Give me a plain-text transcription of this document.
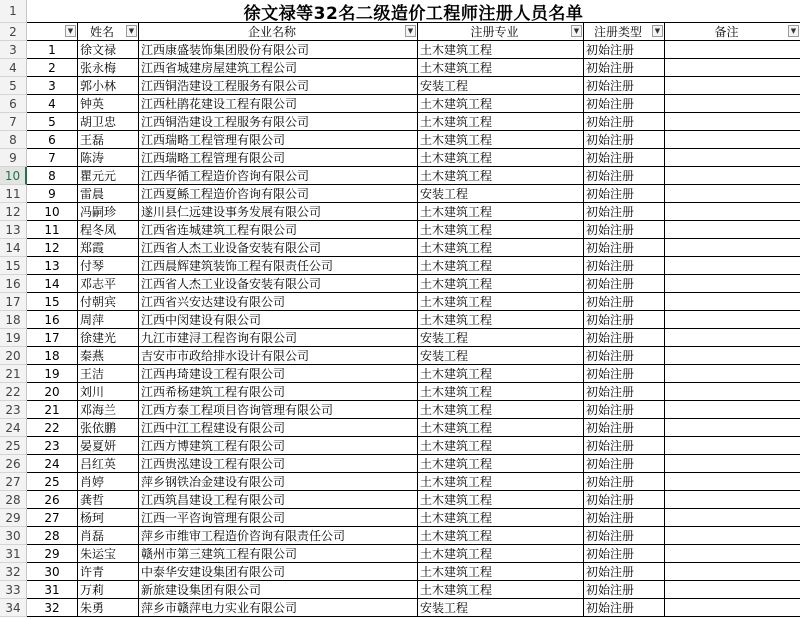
1	徐文禄等32名二级造价工程师注册人员名单
2	▼ 姓名	▼	企业名称	▼	注册专业	▼ 注册类型	▼	备注	▼
3	1	徐文禄	江西康盛装饰集团股份有限公司	土木建筑工程	初始注册
4	2	张永梅	江西省城建房屋建筑工程公司	土木建筑工程	初始注册
5	3	郭小林	江西铜浩建设工程服务有限公司	安装工程	初始注册
6	4	钟英	江西杜鹃花建设工程有限公司	土木建筑工程	初始注册
7	5	胡卫忠	江西铜浩建设工程服务有限公司	土木建筑工程	初始注册
8	6	王磊	江西瑞略工程管理有限公司	土木建筑工程	初始注册
9	7	陈涛	江西瑞略工程管理有限公司	土木建筑工程	初始注册
10	8	瞿元元	江西华循工程造价咨询有限公司	土木建筑工程	初始注册
11	9	雷晨	江西夏鲧工程造价咨询有限公司	安装工程	初始注册
12	10	冯嗣珍	遂川县仁远建设事务发展有限公司	土木建筑工程	初始注册
13	11	程冬凤	江西省连城建筑工程有限公司	土木建筑工程	初始注册
14	12	郑霞	江西省人杰工业设备安装有限公司	土木建筑工程	初始注册
15	13	付琴	江西晨辉建筑装饰工程有限责任公司	土木建筑工程	初始注册
16	14	邓志平	江西省人杰工业设备安装有限公司	土木建筑工程	初始注册
17	15	付朝宾	江西省兴安达建设有限公司	土木建筑工程	初始注册
18	16	周萍	江西中闵建设有限公司	土木建筑工程	初始注册
19	17	徐建光	九江市建浔工程咨询有限公司	安装工程	初始注册
20	18	秦燕	吉安市市政给排水设计有限公司	安装工程	初始注册
21	19	王洁	江西冉琦建设工程有限公司	土木建筑工程	初始注册
22	20	刘川	江西希杨建筑工程有限公司	土木建筑工程	初始注册
23	21	邓海兰	江西方泰工程项目咨询管理有限公司	土木建筑工程	初始注册
24	22	张依鹏	江西中江工程建设有限公司	土木建筑工程	初始注册
25	23	晏夏妍	江西方博建筑工程有限公司	土木建筑工程	初始注册
26	24	吕红英	江西贵泓建设工程有限公司	土木建筑工程	初始注册
27	25	肖婷	萍乡钢铁冶金建设有限公司	土木建筑工程	初始注册
28	26	龚哲	江西筑昌建设工程有限公司	土木建筑工程	初始注册
29	27	杨珂	江西一平咨询管理有限公司	土木建筑工程	初始注册
30	28	肖磊	萍乡市维审工程造价咨询有限责任公司	土木建筑工程	初始注册
31	29	朱运宝	赣州市第三建筑工程有限公司	土木建筑工程	初始注册
32	30	许青	中泰华安建设集团有限公司	土木建筑工程	初始注册
33	31	万莉	新旅建设集团有限公司	土木建筑工程	初始注册
34	32	朱勇	萍乡市赣萍电力实业有限公司	安装工程	初始注册
